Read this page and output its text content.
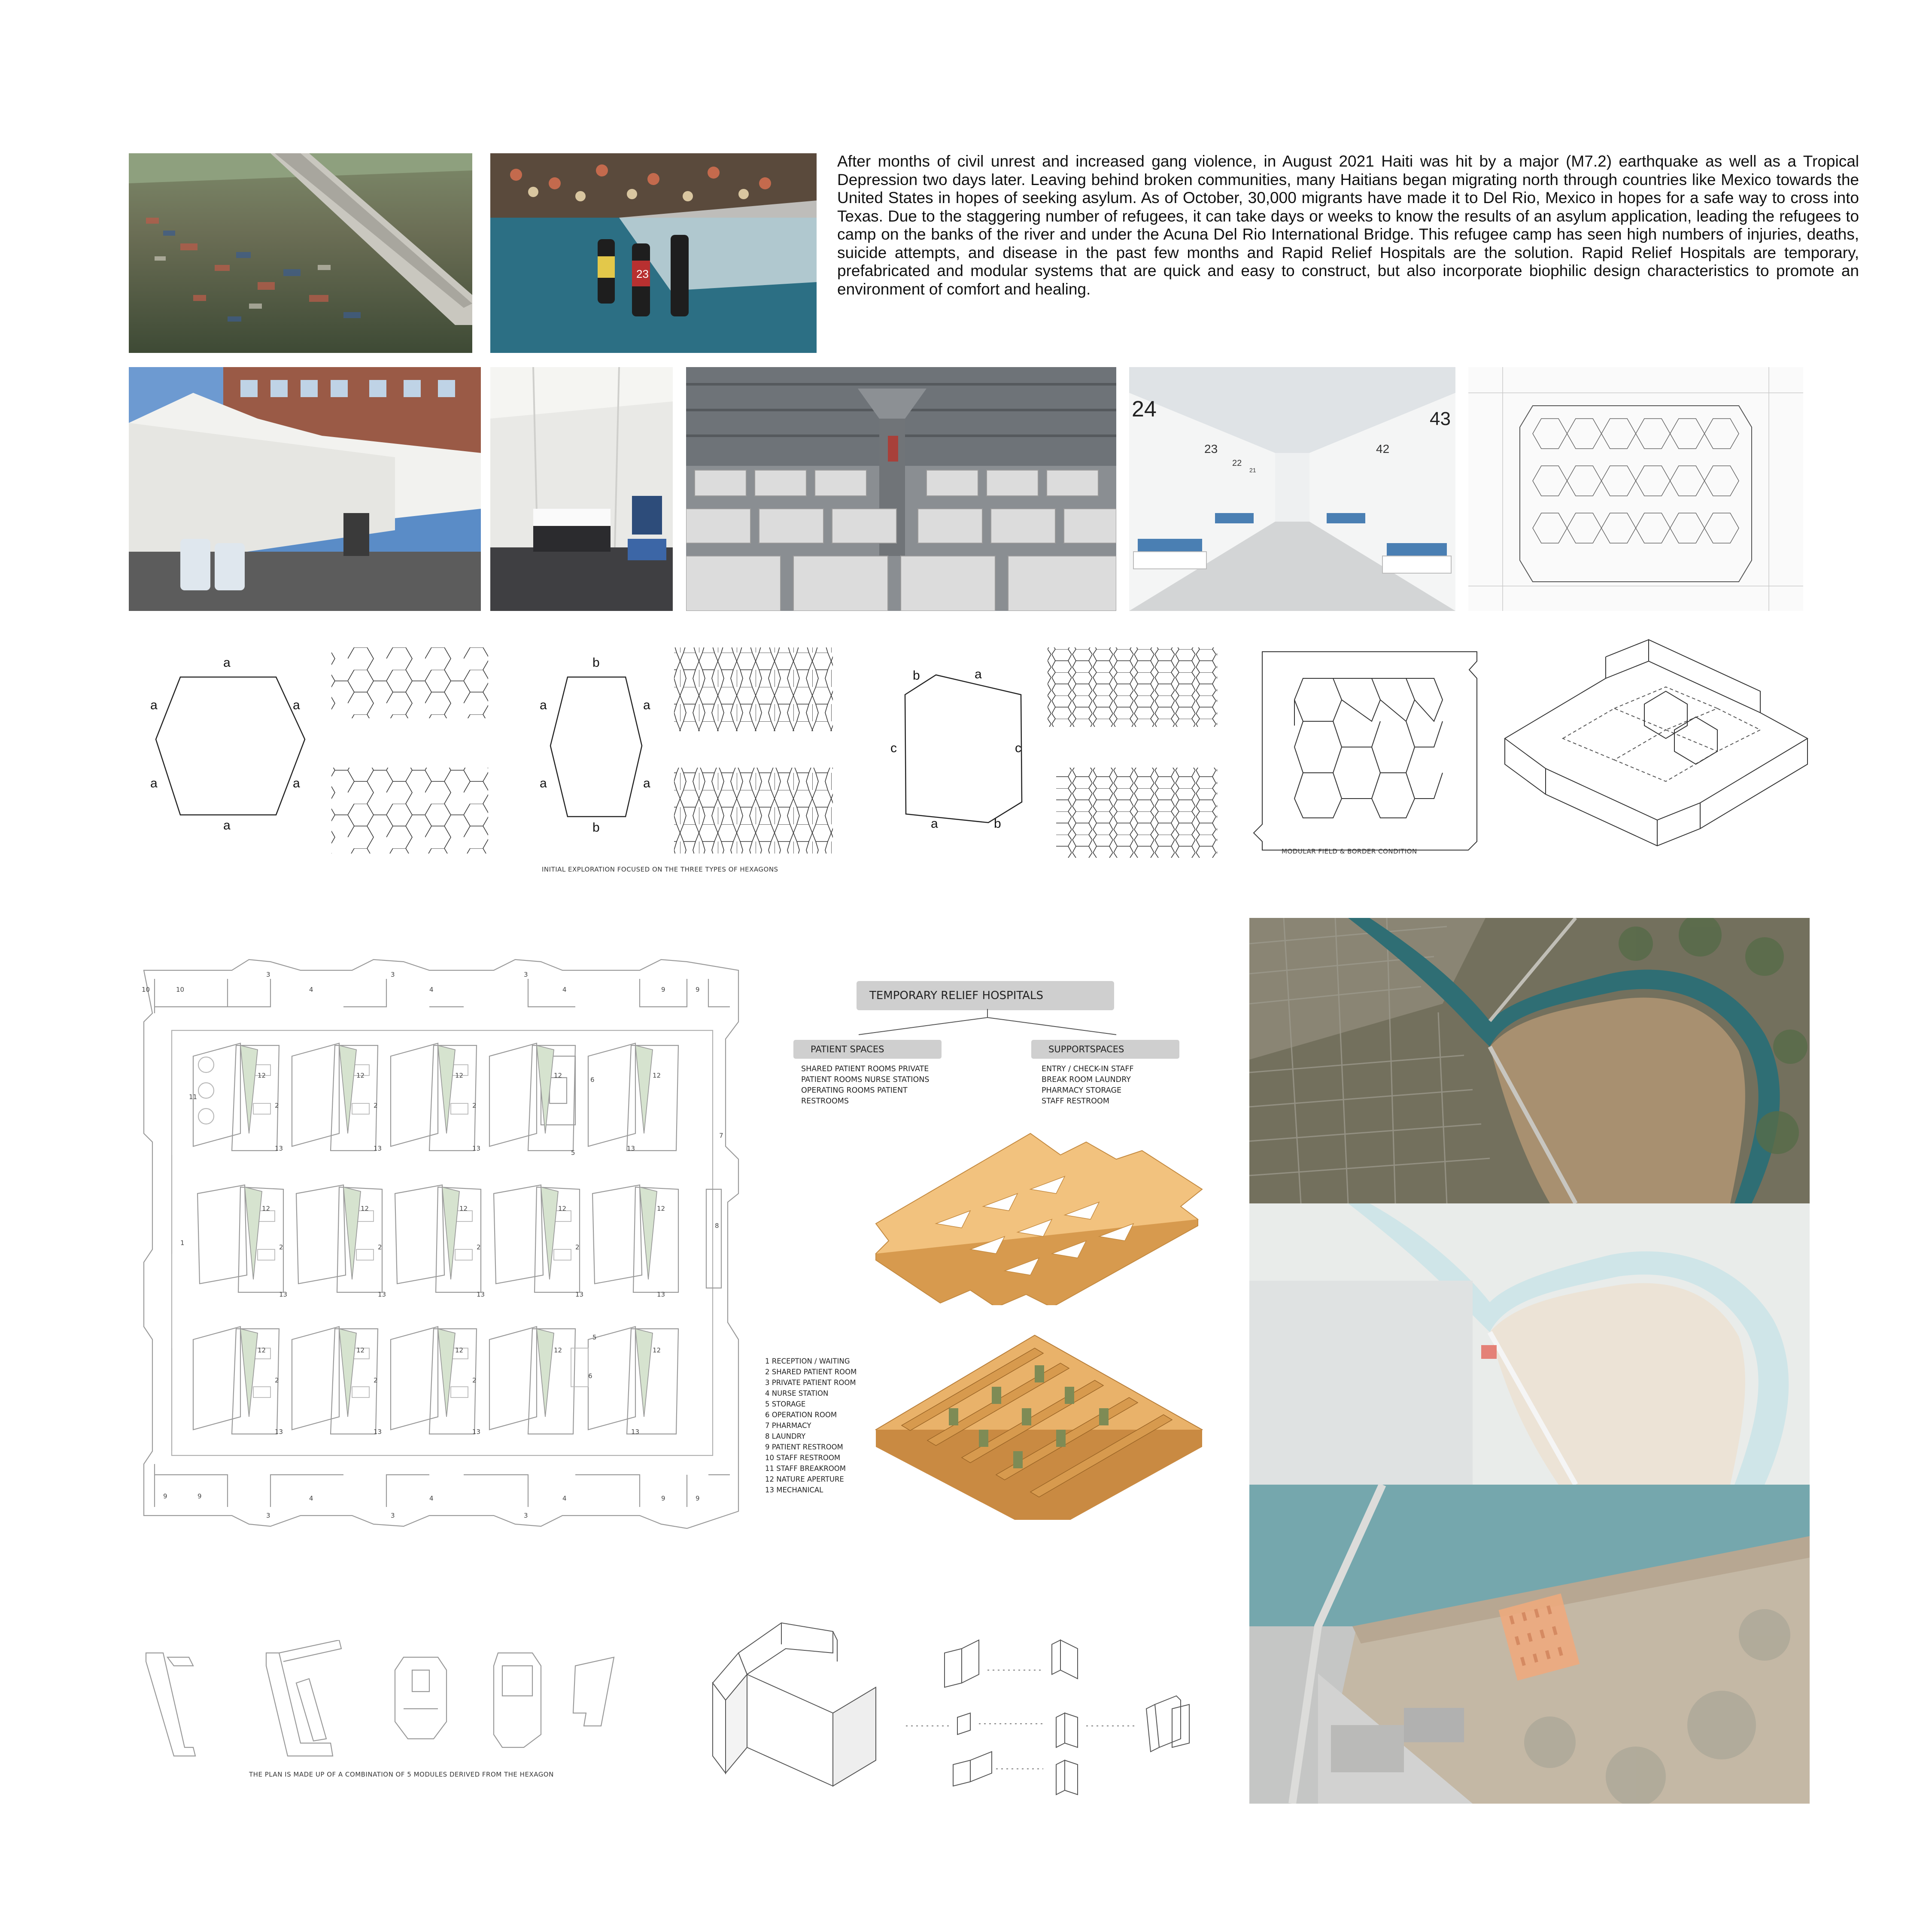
23
After months of civil unrest and increased gang violence, in August 2021 Haiti was hit by a major (M7.2) earthquake as well as a Tropical Depression two days later. Leaving behind broken communities, many Haitians began migrating north through countries like Mexico towards the United States in hopes of seeking asylum. As of October, 30,000 migrants have made it to Del Rio, Mexico in hopes for a safe way to cross into Texas. Due to the staggering number of refugees, it can take days or weeks to know the results of an asylum application, leading the refugees to camp on the banks of the river and under the Acuna Del Rio International Bridge. This refugee camp has seen high numbers of injuries, deaths, suicide attempts, and disease in the past few months and Rapid Relief Hospitals are the solution. Rapid Relief Hospitals are temporary, prefabricated and modular systems that are quick and easy to construct, but also incorporate biophilic design characteristics to promote an environment of comfort and healing.
24
23
22
21
43
42
a
a	a
a	a
a
b
a	a
a	a
b
b	a
c	c
a	b
INITIAL EXPLORATION FOCUSED ON THE THREE TYPES OF HEXAGONS
MODULAR FIELD & BORDER CONDITION
10	10
3
4
3
4
3
4	9	9
11
12
2
13
12
2
13
12
2
13
12
6
5
12
13
7
1
12
2
13
12
2
13
12
2
13
12
2
13
12
8
13
12
2
13
12
2
13
12
2
13
12
6
5
12
13
9	9
3
4
3
4
3
4	9	9
TEMPORARY RELIEF HOSPITALS
PATIENT SPACES	SUPPORTSPACES
SHARED PATIENT ROOMS PRIVATE
PATIENT ROOMS NURSE STATIONS
OPERATING ROOMS PATIENT
RESTROOMS
ENTRY / CHECK-IN STAFF
BREAK ROOM LAUNDRY
PHARMACY STORAGE
STAFF RESTROOM
1 RECEPTION / WAITING
2 SHARED PATIENT ROOM
3 PRIVATE PATIENT ROOM
4 NURSE STATION
5 STORAGE
6 OPERATION ROOM
7 PHARMACY
8 LAUNDRY
9 PATIENT RESTROOM
10 STAFF RESTROOM
11 STAFF BREAKROOM
12 NATURE APERTURE
13 MECHANICAL
THE PLAN IS MADE UP OF A COMBINATION OF 5 MODULES DERIVED FROM THE HEXAGON
